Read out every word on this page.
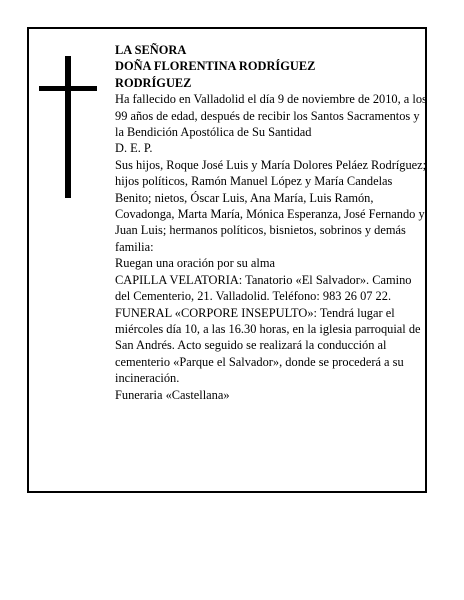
LA SEÑORA

DOÑA FLORENTINA RODRÍGUEZ

RODRÍGUEZ

Ha fallecido en Valladolid el día 9 de noviembre de 2010, a los 99 años de edad, después de recibir los Santos Sacramentos y la Bendición Apostólica de Su Santidad

D. E. P.

Sus hijos, Roque José Luis y María Dolores Peláez Rodríguez; hijos políticos, Ramón Manuel López y María Candelas Benito; nietos, Óscar Luis, Ana María, Luis Ramón, Covadonga, Marta María, Mónica Esperanza, José Fernando y Juan Luis; hermanos políticos, bisnietos, sobrinos y demás familia:

Ruegan una oración por su alma

CAPILLA VELATORIA: Tanatorio «El Salvador». Camino del Cementerio, 21. Valladolid. Teléfono: 983 26 07 22.

FUNERAL «CORPORE INSEPULTO»: Tendrá lugar el miércoles día 10, a las 16.30 horas, en la iglesia parroquial de San Andrés. Acto seguido se realizará la conducción al cementerio «Parque el Salvador», donde se procederá a su incineración.

Funeraria «Castellana»
